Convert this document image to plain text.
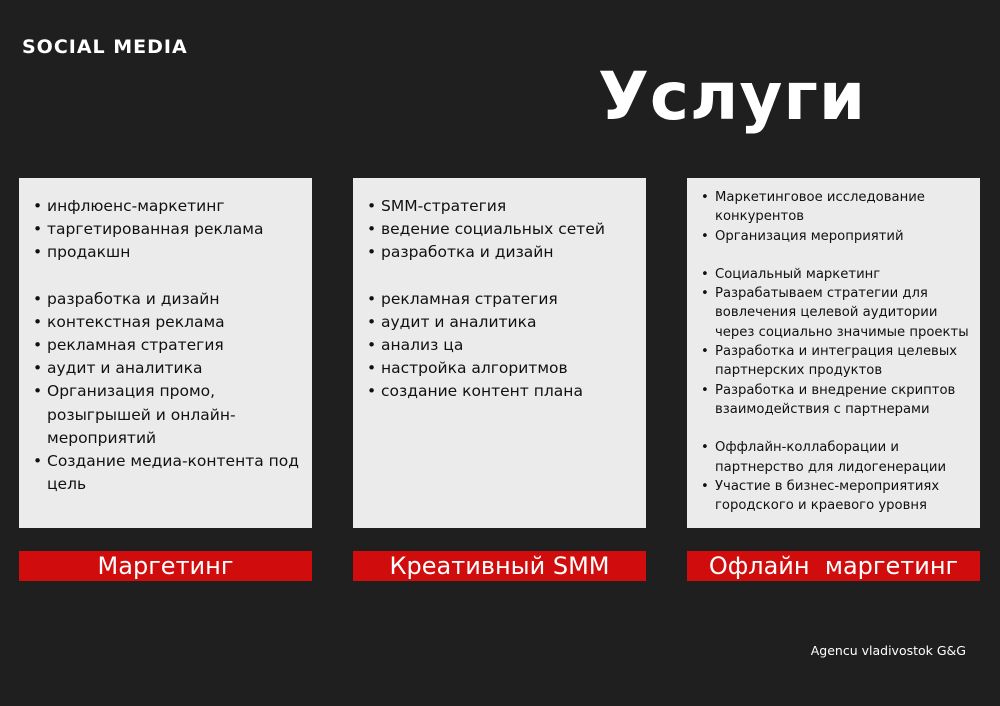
SOCIAL MEDIA
Услуги
• инфлюенс-маркетинг
• таргетированная реклама
• продакшн
• разработка и дизайн
• контекстная реклама
• рекламная стратегия
• аудит и аналитика
• Организация промо, розыгрышей и онлайн-мероприятий
• Создание медиа-контента под цель
• SMM-стратегия
• ведение социальных сетей
• разработка и дизайн
• рекламная стратегия
• аудит и аналитика
• анализ ца
• настройка алгоритмов
• создание контент плана
• Маркетинговое исследование конкурентов
• Организация мероприятий
• Социальный маркетинг
• Разрабатываем стратегии для вовлечения целевой аудитории через социально значимые проекты
• Разработка и интеграция целевых партнерских продуктов
• Разработка и внедрение скриптов взаимодействия с партнерами
• Оффлайн-коллаборации и партнерство для лидогенерации
• Участие в бизнес-мероприятиях городского и краевого уровня
Маргетинг	Креативный SMM	Офлайн  маргетинг
Agencu vladivostok G&G
